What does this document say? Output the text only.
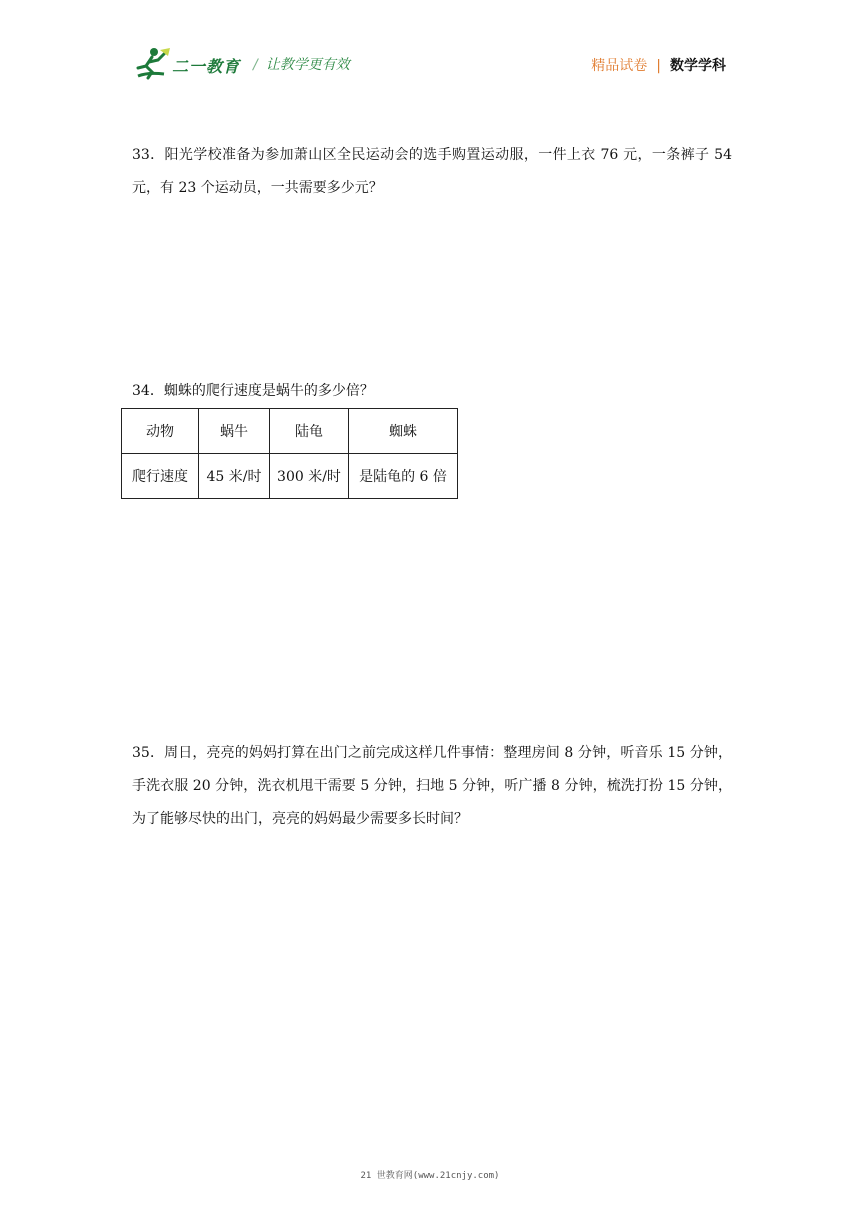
二一教育 / 让教学更有效	精品试卷 | 数学学科
33．阳光学校准备为参加萧山区全民运动会的选手购置运动服，一件上衣 76 元，一条裤子 54 元，有 23 个运动员，一共需要多少元？
34．蜘蛛的爬行速度是蜗牛的多少倍？
动物	蜗牛	陆龟	蜘蛛
爬行速度	45 米/时	300 米/时	是陆龟的 6 倍
35．周日，亮亮的妈妈打算在出门之前完成这样几件事情：整理房间 8 分钟，听音乐 15 分钟，手洗衣服 20 分钟，洗衣机甩干需要 5 分钟，扫地 5 分钟，听广播 8 分钟，梳洗打扮 15 分钟，为了能够尽快的出门，亮亮的妈妈最少需要多长时间？
21 世教育网(www.21cnjy.com)
